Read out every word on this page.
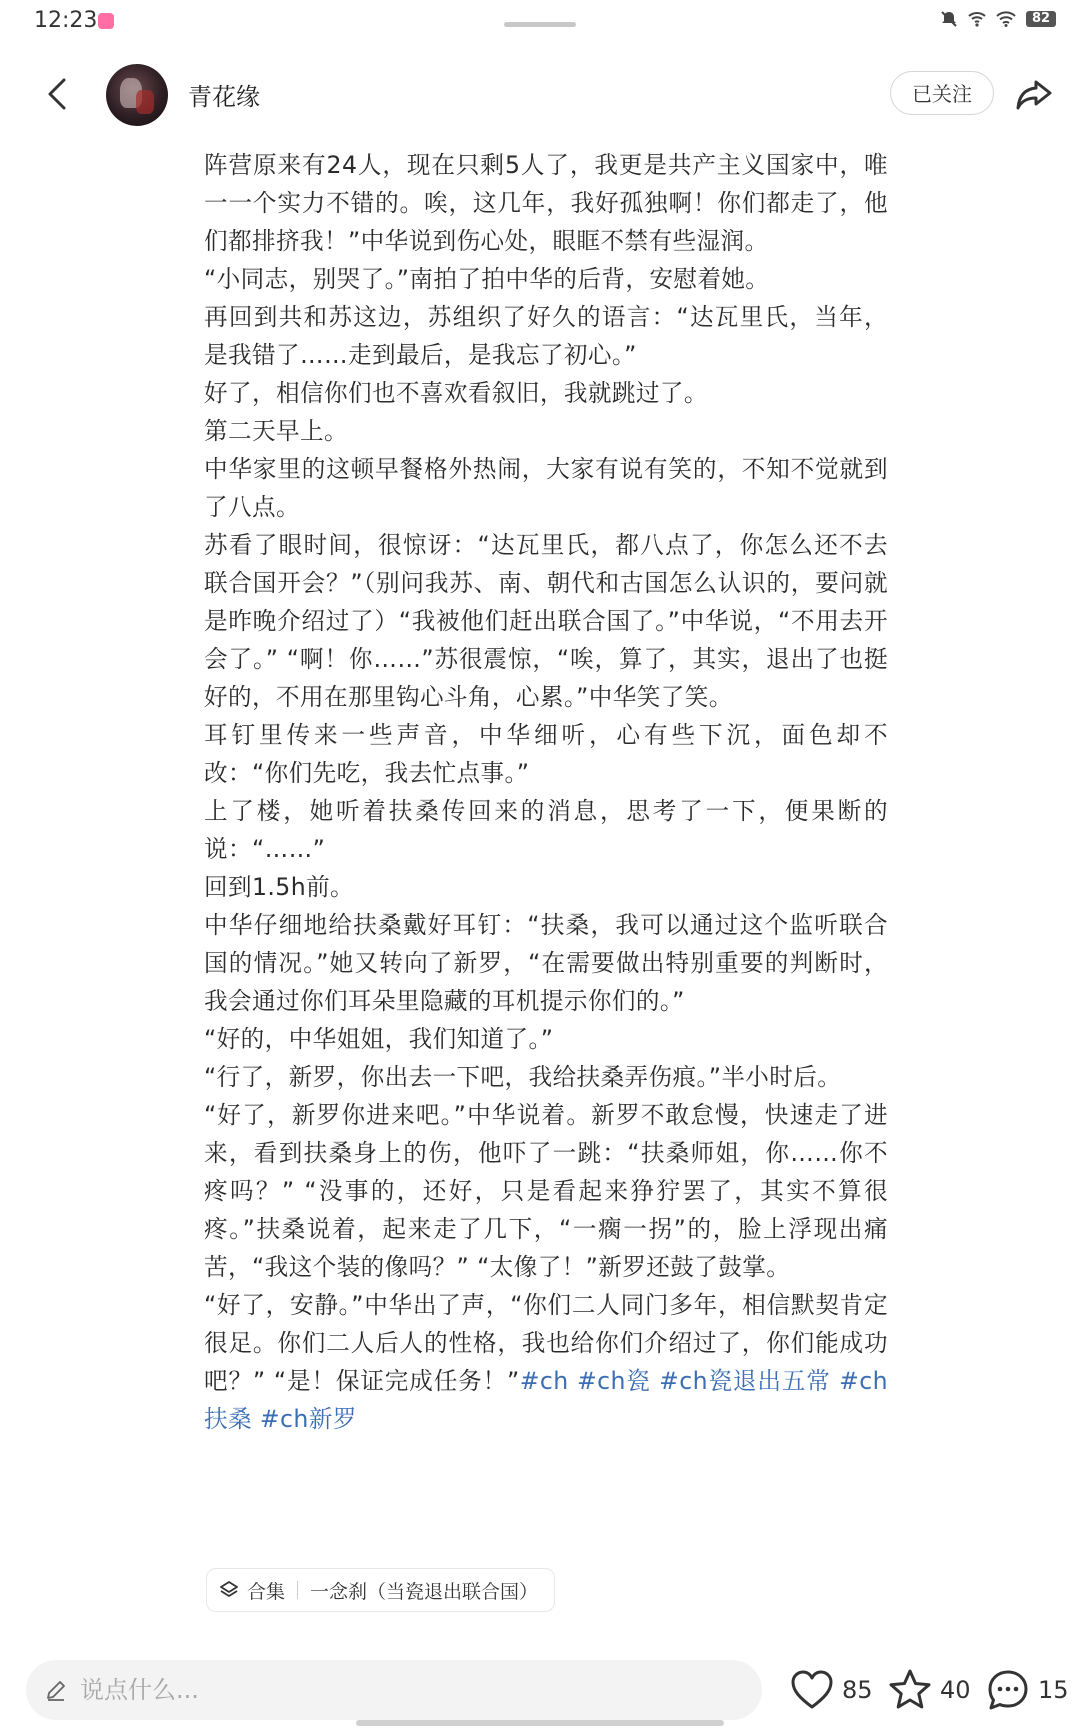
12:23	82
青花缘	已关注

阵营原来有24人，现在只剩5人了，我更是共产主义国家中，唯一一个实力不错的。唉，这几年，我好孤独啊！你们都走了，他们都排挤我！”中华说到伤心处，眼眶不禁有些湿润。

“小同志，别哭了。”南拍了拍中华的后背，安慰着她。

再回到共和苏这边，苏组织了好久的语言：“达瓦里氏，当年，是我错了……走到最后，是我忘了初心。”

好了，相信你们也不喜欢看叙旧，我就跳过了。

第二天早上。

中华家里的这顿早餐格外热闹，大家有说有笑的，不知不觉就到了八点。

苏看了眼时间，很惊讶：“达瓦里氏，都八点了，你怎么还不去联合国开会？”（别问我苏、南、朝代和古国怎么认识的，要问就是昨晚介绍过了）“我被他们赶出联合国了。”中华说，“不用去开会了。” “啊！你……”苏很震惊，“唉，算了，其实，退出了也挺好的，不用在那里钩心斗角，心累。”中华笑了笑。

耳钉里传来一些声音，中华细听，心有些下沉，面色却不改：“你们先吃，我去忙点事。”

上了楼，她听着扶桑传回来的消息，思考了一下，便果断的说：“……”

回到1.5h前。

中华仔细地给扶桑戴好耳钉：“扶桑，我可以通过这个监听联合国的情况。”她又转向了新罗，“在需要做出特别重要的判断时，我会通过你们耳朵里隐藏的耳机提示你们的。”

“好的，中华姐姐，我们知道了。”

“行了，新罗，你出去一下吧，我给扶桑弄伤痕。”半小时后。

“好了，新罗你进来吧。”中华说着。新罗不敢怠慢，快速走了进来，看到扶桑身上的伤，他吓了一跳：“扶桑师姐，你……你不疼吗？” “没事的，还好，只是看起来狰狞罢了，其实不算很疼。”扶桑说着，起来走了几下，“一瘸一拐”的，脸上浮现出痛苦，“我这个装的像吗？” “太像了！”新罗还鼓了鼓掌。

“好了，安静。”中华出了声，“你们二人同门多年，相信默契肯定很足。你们二人后人的性格，我也给你们介绍过了，你们能成功吧？” “是！保证完成任务！”#ch #ch瓷 #ch瓷退出五常 #ch扶桑 #ch新罗

合集 一念刹（当瓷退出联合国）
说点什么...
85	40	15
